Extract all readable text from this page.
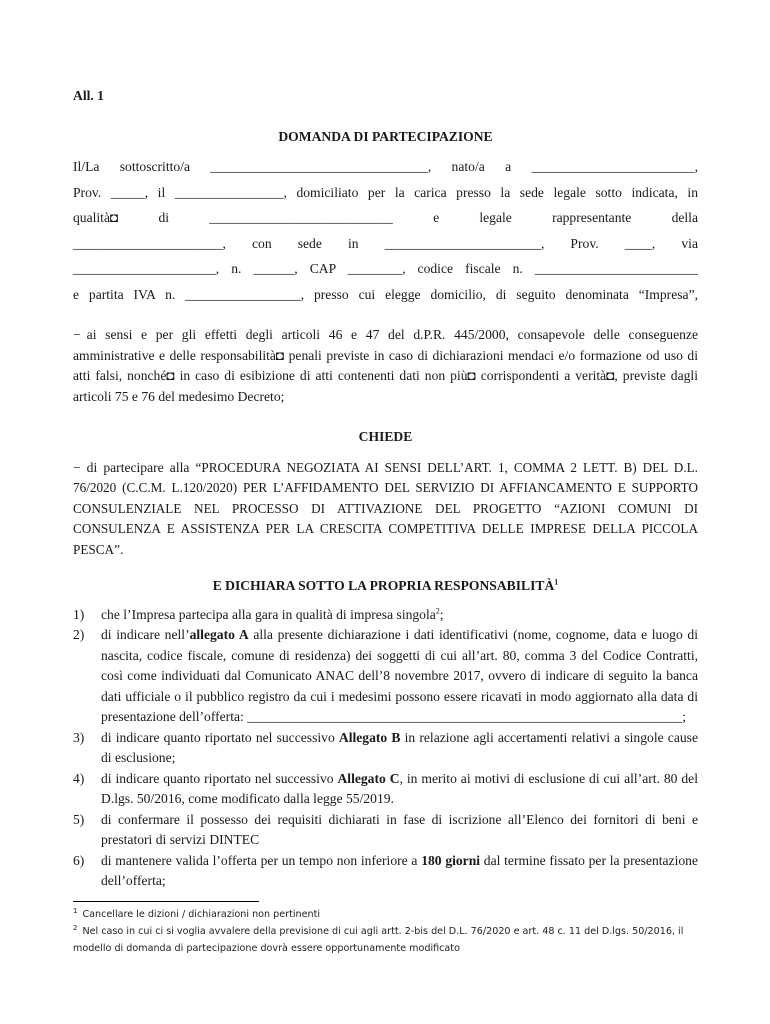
All. 1

DOMANDA DI PARTECIPAZIONE

Il/La sottoscritto/a ________________________________, nato/a a ________________________,

Prov. _____, il ________________, domiciliato per la carica presso la sede legale sotto indicata, in

qualità◘ di ___________________________ e legale rappresentante della

______________________, con sede in _______________________, Prov. ____, via

_____________________, n. ______, CAP ________, codice fiscale n. ________________________

e partita IVA n. _________________, presso cui elegge domicilio, di seguito denominata “Impresa”,

− ai sensi e per gli effetti degli articoli 46 e 47 del d.P.R. 445/2000, consapevole delle conseguenze amministrative e delle responsabilità◘ penali previste in caso di dichiarazioni mendaci e/o formazione od uso di atti falsi, nonché◘ in caso di esibizione di atti contenenti dati non più◘ corrispondenti a verità◘, previste dagli articoli 75 e 76 del medesimo Decreto;

CHIEDE

− di partecipare alla “PROCEDURA NEGOZIATA AI SENSI DELL’ART. 1, COMMA 2 LETT. B) DEL D.L. 76/2020 (C.C.M. L.120/2020) PER L’AFFIDAMENTO DEL SERVIZIO DI AFFIANCAMENTO E SUPPORTO CONSULENZIALE NEL PROCESSO DI ATTIVAZIONE DEL PROGETTO “AZIONI COMUNI DI CONSULENZA E ASSISTENZA PER LA CRESCITA COMPETITIVA DELLE IMPRESE DELLA PICCOLA PESCA”.

E DICHIARA SOTTO LA PROPRIA RESPONSABILITÀ$^1$

1) che l’Impresa partecipa alla gara in qualità di impresa singola$^2$;
2) di indicare nell’allegato A alla presente dichiarazione i dati identificativi (nome, cognome, data e luogo di nascita, codice fiscale, comune di residenza) dei soggetti di cui all’art. 80, comma 3 del Codice Contratti, così come individuati dal Comunicato ANAC dell’8 novembre 2017, ovvero di indicare di seguito la banca dati ufficiale o il pubblico registro da cui i medesimi possono essere ricavati in modo aggiornato alla data di presentazione dell’offerta: ________________________________________________________________;
3) di indicare quanto riportato nel successivo Allegato B in relazione agli accertamenti relativi a singole cause di esclusione;
4) di indicare quanto riportato nel successivo Allegato C, in merito ai motivi di esclusione di cui all’art. 80 del D.lgs. 50/2016, come modificato dalla legge 55/2019.
5) di confermare il possesso dei requisiti dichiarati in fase di iscrizione all’Elenco dei fornitori di beni e prestatori di servizi DINTEC
6) di mantenere valida l’offerta per un tempo non inferiore a 180 giorni dal termine fissato per la presentazione dell’offerta;

$^1$ Cancellare le dizioni / dichiarazioni non pertinenti

$^2$ Nel caso in cui ci si voglia avvalere della previsione di cui agli artt. 2-bis del D.L. 76/2020 e art. 48 c. 11 del D.lgs. 50/2016, il modello di domanda di partecipazione dovrà essere opportunamente modificato
